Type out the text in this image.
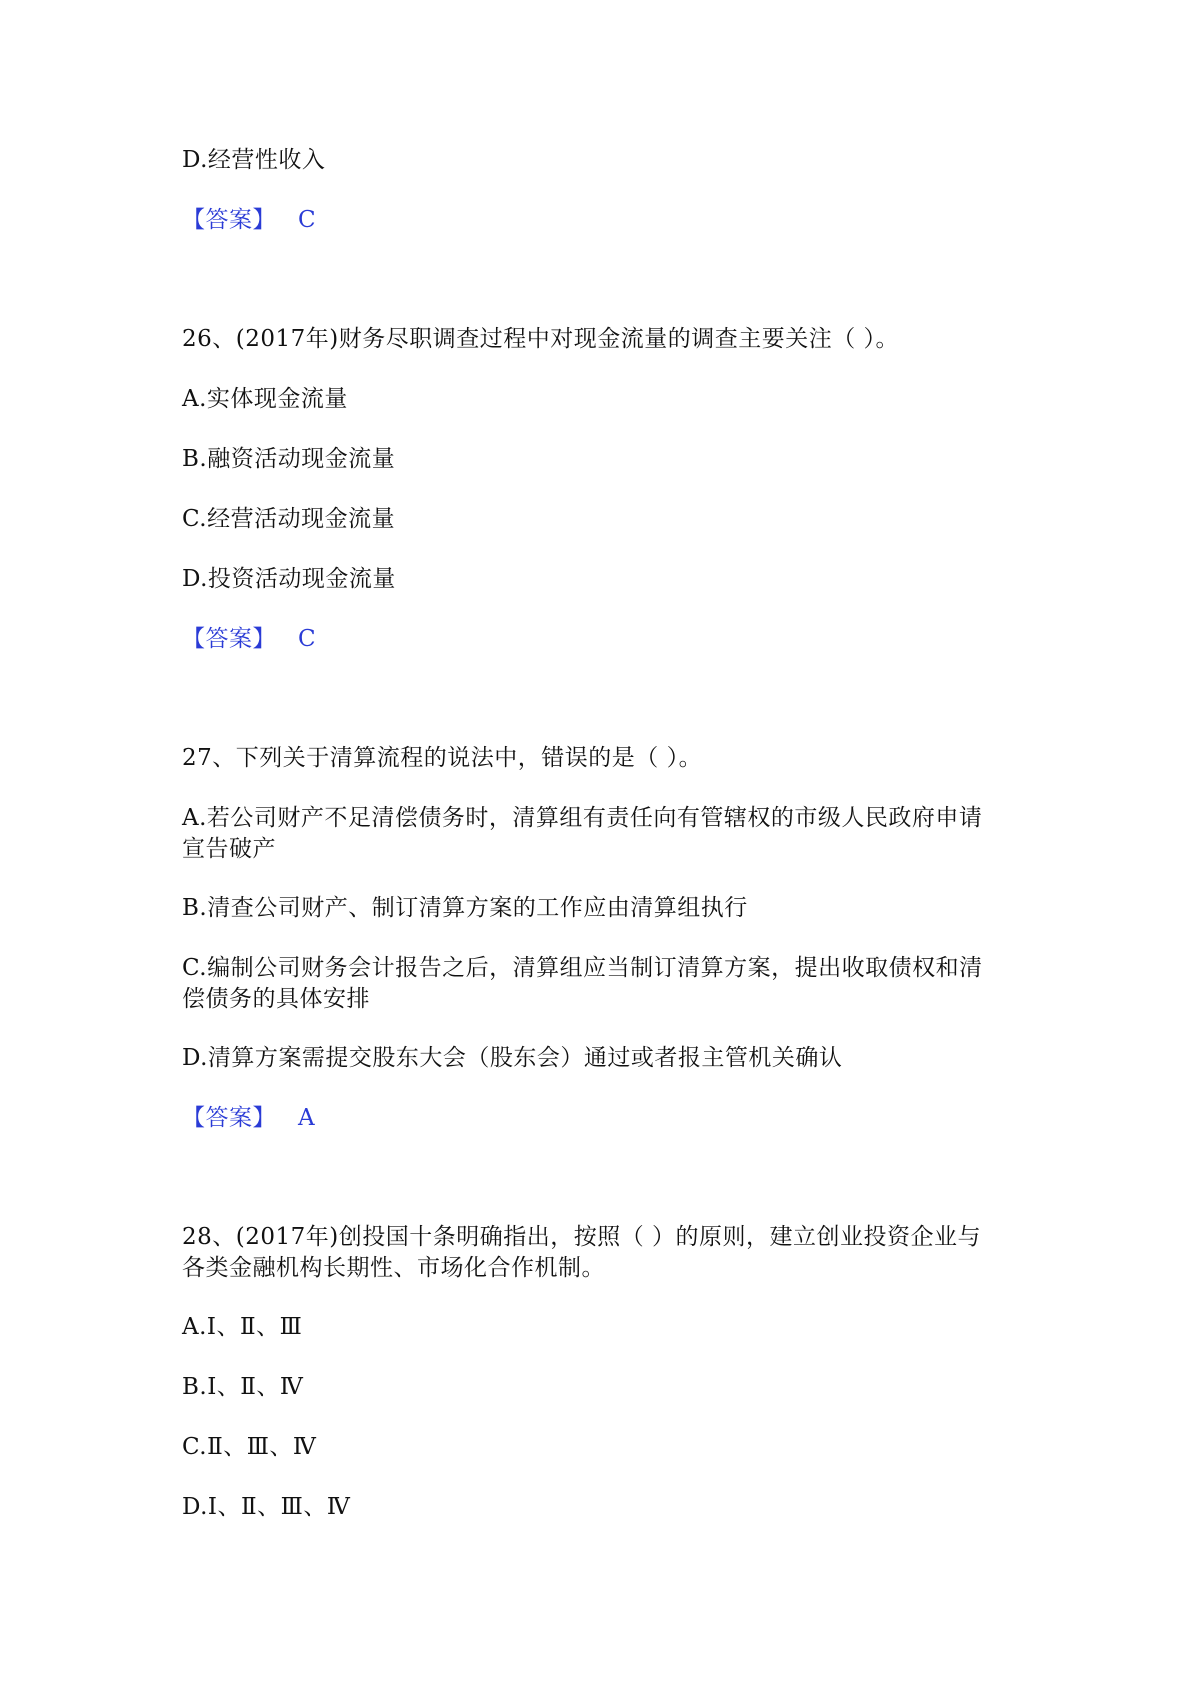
D.经营性收入
【答案】 C
26、(2017年)财务尽职调查过程中对现金流量的调查主要关注（ ）。
A.实体现金流量
B.融资活动现金流量
C.经营活动现金流量
D.投资活动现金流量
【答案】 C
27、下列关于清算流程的说法中，错误的是（ ）。
A.若公司财产不足清偿债务时，清算组有责任向有管辖权的市级人民政府申请
宣告破产
B.清查公司财产、制订清算方案的工作应由清算组执行
C.编制公司财务会计报告之后，清算组应当制订清算方案，提出收取债权和清
偿债务的具体安排
D.清算方案需提交股东大会（股东会）通过或者报主管机关确认
【答案】 A
28、(2017年)创投国十条明确指出，按照（ ）的原则，建立创业投资企业与
各类金融机构长期性、市场化合作机制。
A.Ⅰ、Ⅱ、Ⅲ
B.Ⅰ、Ⅱ、Ⅳ
C.Ⅱ、Ⅲ、Ⅳ
D.Ⅰ、Ⅱ、Ⅲ、Ⅳ
